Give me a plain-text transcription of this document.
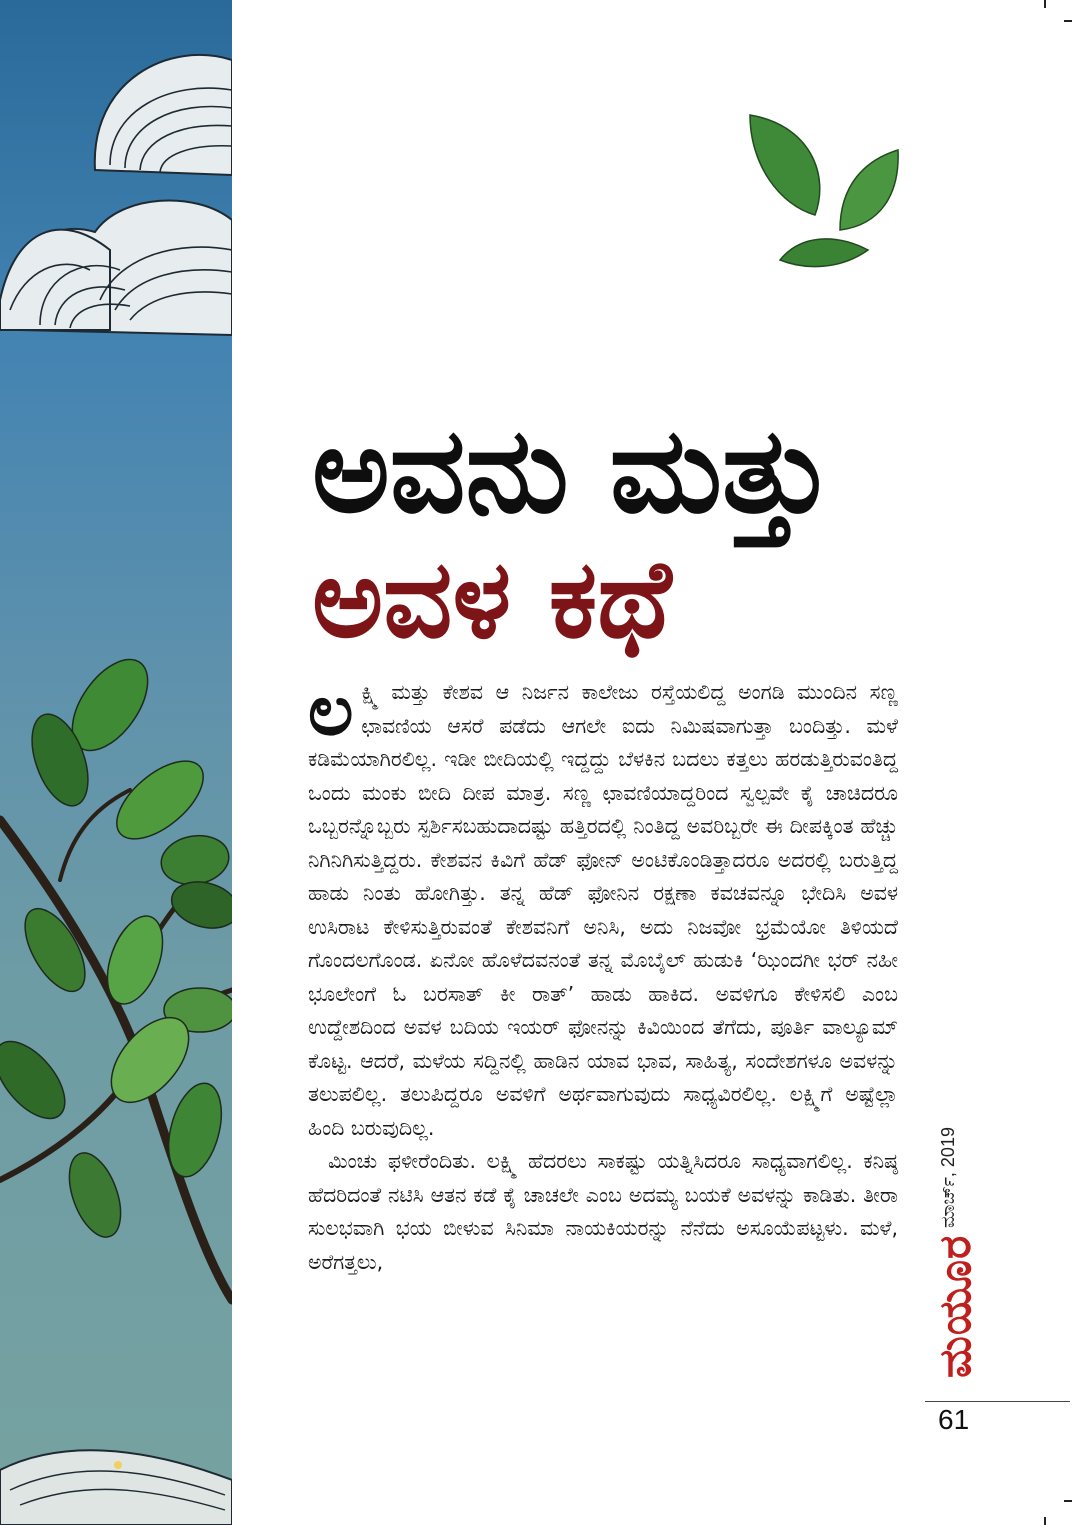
ಅವನು ಮತ್ತು
ಅವಳ ಕಥೆ

ಲಕ್ಷ್ಮಿ ಮತ್ತು ಕೇಶವ ಆ ನಿರ್ಜನ ಕಾಲೇಜು ರಸ್ತೆಯಲಿದ್ದ ಅಂಗಡಿ ಮುಂದಿನ ಸಣ್ಣ ಛಾವಣಿಯ ಆಸರೆ ಪಡೆದು ಆಗಲೇ ಐದು ನಿಮಿಷವಾಗುತ್ತಾ ಬಂದಿತ್ತು. ಮಳೆ ಕಡಿಮೆಯಾಗಿರಲಿಲ್ಲ. ಇಡೀ ಬೀದಿಯಲ್ಲಿ ಇದ್ದದ್ದು ಬೆಳಕಿನ ಬದಲು ಕತ್ತಲು ಹರಡುತ್ತಿರುವಂತಿದ್ದ ಒಂದು ಮಂಕು ಬೀದಿ ದೀಪ ಮಾತ್ರ. ಸಣ್ಣ ಛಾವಣಿಯಾದ್ದರಿಂದ ಸ್ವಲ್ಪವೇ ಕೈ ಚಾಚಿದರೂ ಒಬ್ಬರನ್ನೊಬ್ಬರು ಸ್ಪರ್ಶಿಸಬಹುದಾದಷ್ಟು ಹತ್ತಿರದಲ್ಲಿ ನಿಂತಿದ್ದ ಅವರಿಬ್ಬರೇ ಈ ದೀಪಕ್ಕಿಂತ ಹೆಚ್ಚು ನಿಗಿನಿಗಿಸುತ್ತಿದ್ದರು. ಕೇಶವನ ಕಿವಿಗೆ ಹೆಡ್ ಫೋನ್ ಅಂಟಿಕೊಂಡಿತ್ತಾದರೂ ಅದರಲ್ಲಿ ಬರುತ್ತಿದ್ದ ಹಾಡು ನಿಂತು ಹೋಗಿತ್ತು. ತನ್ನ ಹೆಡ್ ಫೋನಿನ ರಕ್ಷಣಾ ಕವಚವನ್ನೂ ಭೇದಿಸಿ ಅವಳ ಉಸಿರಾಟ ಕೇಳಿಸುತ್ತಿರುವಂತೆ ಕೇಶವನಿಗೆ ಅನಿಸಿ, ಅದು ನಿಜವೋ ಭ್ರಮೆಯೋ ತಿಳಿಯದೆ ಗೊಂದಲಗೊಂಡ. ಏನೋ ಹೊಳೆದವನಂತೆ ತನ್ನ ಮೊಬೈಲ್ ಹುಡುಕಿ ‘ಝಿಂದಗೀ ಭರ್ ನಹೀ ಭೂಲೇಂಗೆ ಓ ಬರಸಾತ್ ಕೀ ರಾತ್’ ಹಾಡು ಹಾಕಿದ. ಅವಳಿಗೂ ಕೇಳಿಸಲಿ ಎಂಬ ಉದ್ದೇಶದಿಂದ ಅವಳ ಬದಿಯ ಇಯರ್ ಫೋನನ್ನು ಕಿವಿಯಿಂದ ತೆಗೆದು, ಪೂರ್ತಿ ವಾಲ್ಯೂಮ್ ಕೊಟ್ಟ. ಆದರೆ, ಮಳೆಯ ಸದ್ದಿನಲ್ಲಿ ಹಾಡಿನ ಯಾವ ಭಾವ, ಸಾಹಿತ್ಯ, ಸಂದೇಶಗಳೂ ಅವಳನ್ನು ತಲುಪಲಿಲ್ಲ. ತಲುಪಿದ್ದರೂ ಅವಳಿಗೆ ಅರ್ಥವಾಗುವುದು ಸಾಧ್ಯವಿರಲಿಲ್ಲ. ಲಕ್ಷ್ಮಿಗೆ ಅಷ್ಟೆಲ್ಲಾ ಹಿಂದಿ ಬರುವುದಿಲ್ಲ.

ಮಿಂಚು ಫಳೀರೆಂದಿತು. ಲಕ್ಷ್ಮಿ ಹೆದರಲು ಸಾಕಷ್ಟು ಯತ್ನಿಸಿದರೂ ಸಾಧ್ಯವಾಗಲಿಲ್ಲ. ಕನಿಷ್ಠ ಹೆದರಿದಂತೆ ನಟಿಸಿ ಆತನ ಕಡೆ ಕೈ ಚಾಚಲೇ ಎಂಬ ಅದಮ್ಯ ಬಯಕೆ ಅವಳನ್ನು ಕಾಡಿತು. ತೀರಾ ಸುಲಭವಾಗಿ ಭಯ ಬೀಳುವ ಸಿನಿಮಾ ನಾಯಕಿಯರನ್ನು ನೆನೆದು ಅಸೂಯೆಪಟ್ಟಳು. ಮಳೆ, ಅರೆಗತ್ತಲು,

ಮಾರ್ಚ್, 2019
ಮಯೂರ
61
